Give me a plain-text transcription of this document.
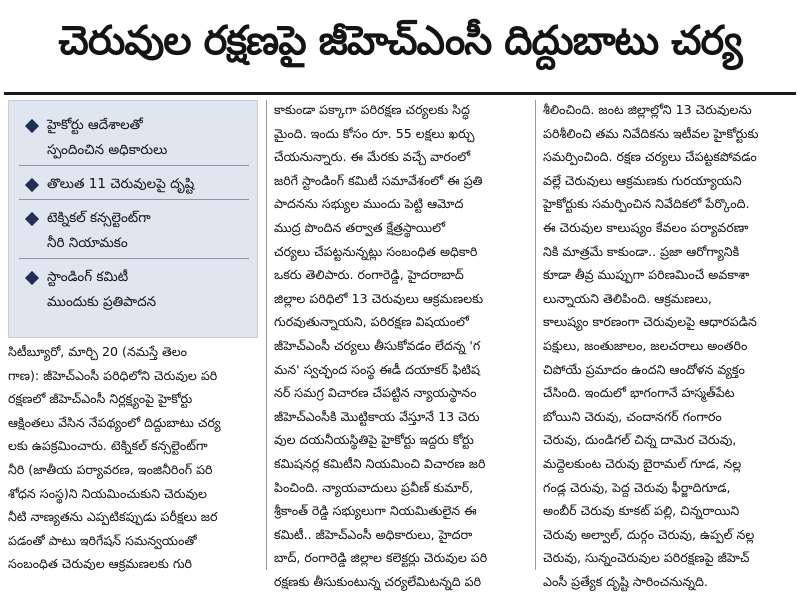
చెరువుల రక్షణపై జీహెచ్ఎంసీ దిద్దుబాటు చర్య
హైకోర్టు ఆదేశాలతో
స్పందించిన అధికారులు
తొలుత 11 చెరువులపై దృష్టి
టెక్నికల్ కన్సల్టెంట్‌గా
నీరి నియామకం
స్టాండింగ్ కమిటీ
ముందుకు ప్రతిపాదన
సిటీబ్యూరో, మార్చి 20 (నమస్తే తెలం
గాణ): జీహెచ్ఎంసీ పరిధిలోని చెరువుల పరి
రక్షణలో జీహెచ్ఎంసీ నిర్లక్ష్యంపై హైకోర్టు
ఆక్షింతలు వేసిన నేపథ్యంలో దిద్దుబాటు చర్య
లకు ఉపక్రమించారు. టెక్నికల్ కన్సల్టెంట్‌గా
నీరి (జాతీయ పర్యావరణ, ఇంజినీరింగ్ పరి
శోధన సంస్థ)ని నియమించుకుని చెరువుల
నీటి నాణ్యతను ఎప్పటికప్పుడు పరీక్షలు జర
పడంతో పాటు ఇరిగేషన్ సమన్వయంతో
సంబంధిత చెరువుల ఆక్రమణలకు గురి
కాకుండా పక్కాగా పరిరక్షణ చర్యలకు సిద్ధ
మైంది. ఇందు కోసం రూ. 55 లక్షలు ఖర్చు
చేయనున్నారు. ఈ మేరకు వచ్చే వారంలో
జరిగే స్టాండింగ్ కమిటీ సమావేశంలో ఈ ప్రతి
పాదనను సభ్యుల ముందు పెట్టి ఆమోద
ముద్ర పొందిన తర్వాత క్షేత్రస్థాయిలో
చర్యలు చేపట్టనున్నట్లు సంబంధిత అధికారి
ఒకరు తెలిపారు. రంగారెడ్డి, హైదరాబాద్
జిల్లాల పరిధిలో 13 చెరువులు ఆక్రమణలకు
గురవుతున్నాయని, పరిరక్షణ విషయంలో
జీహెచ్ఎంసీ చర్యలు తీసుకోవడం లేదన్న 'గ
మన' స్వచ్ఛంద సంస్థ ఈడీ దయాకర్ ఫిటిష
నర్ సమగ్ర విచారణ చేపట్టిన న్యాయస్థానం
జీహెచ్ఎంసీకి మొట్టికాయ వేస్తూనే 13 చెరు
వుల దయనీయస్థితిపై హైకోర్టు ఇద్దరు కోర్టు
కమిషనర్ల కమిటీని నియమించి విచారణ జరి
పించింది. న్యాయవాదులు ప్రవీణ్ కుమార్,
శ్రీకాంత్ రెడ్డి సభ్యులుగా నియమితులైన ఈ
కమిటీ.. జీహెచ్ఎంసీ అధికారులు, హైదరా
బాద్, రంగారెడ్డి జిల్లాల కలెక్టర్లు చెరువుల పరి
రక్షణకు తీసుకుంటున్న చర్యలేమిటన్నది పరి
శీలించింది. జంట జిల్లాల్లోని 13 చెరువులను
పరిశీలించి తమ నివేదికను ఇటీవల హైకోర్టుకు
సమర్పించింది. రక్షణ చర్యలు చేపట్టకపోవడం
వల్లే చెరువులు ఆక్రమణకు గురయ్యాయని
హైకోర్టుకు సమర్పించిన నివేదికలో పేర్కొంది.
ఈ చెరువుల కాలుష్యం కేవలం పర్యావరణా
నికి మాత్రమే కాకుండా.. ప్రజా ఆరోగ్యానికి
కూడా తీవ్ర ముప్పుగా పరిణమించే అవకాశా
లున్నాయని తెలిపింది. ఆక్రమణలు,
కాలుష్యం కారణంగా చెరువులపై ఆధారపడిన
పక్షులు, జంతుజాలం, జలచరాలు అంతరిం
చిపోయే ప్రమాదం ఉందని ఆందోళన వ్యక్తం
చేసింది. ఇందులో భాగంగానే హస్మత్‌పేట
బోయిని చెరువు, చందానగర్ గంగారం
చెరువు, దుండిగల్ చిన్న దామెర చెరువు,
మద్దెలకుంట చెరువు బైరామల్ గూడ, నల్ల
గండ్ల చెరువు, పెద్ద చెరువు ఫీర్జాదిగూడ,
అంబీర్ చెరువు కూకట్ పల్లి, చిన్నరాయిని
చెరువు అల్వాల్, దుర్గం చెరువు, ఉప్పల్ నల్ల
చెరువు, సున్నంచెరువుల పరిరక్షణపై జీహెచ్
ఎంసీ ప్రత్యేక దృష్టి సారించనున్నది.
